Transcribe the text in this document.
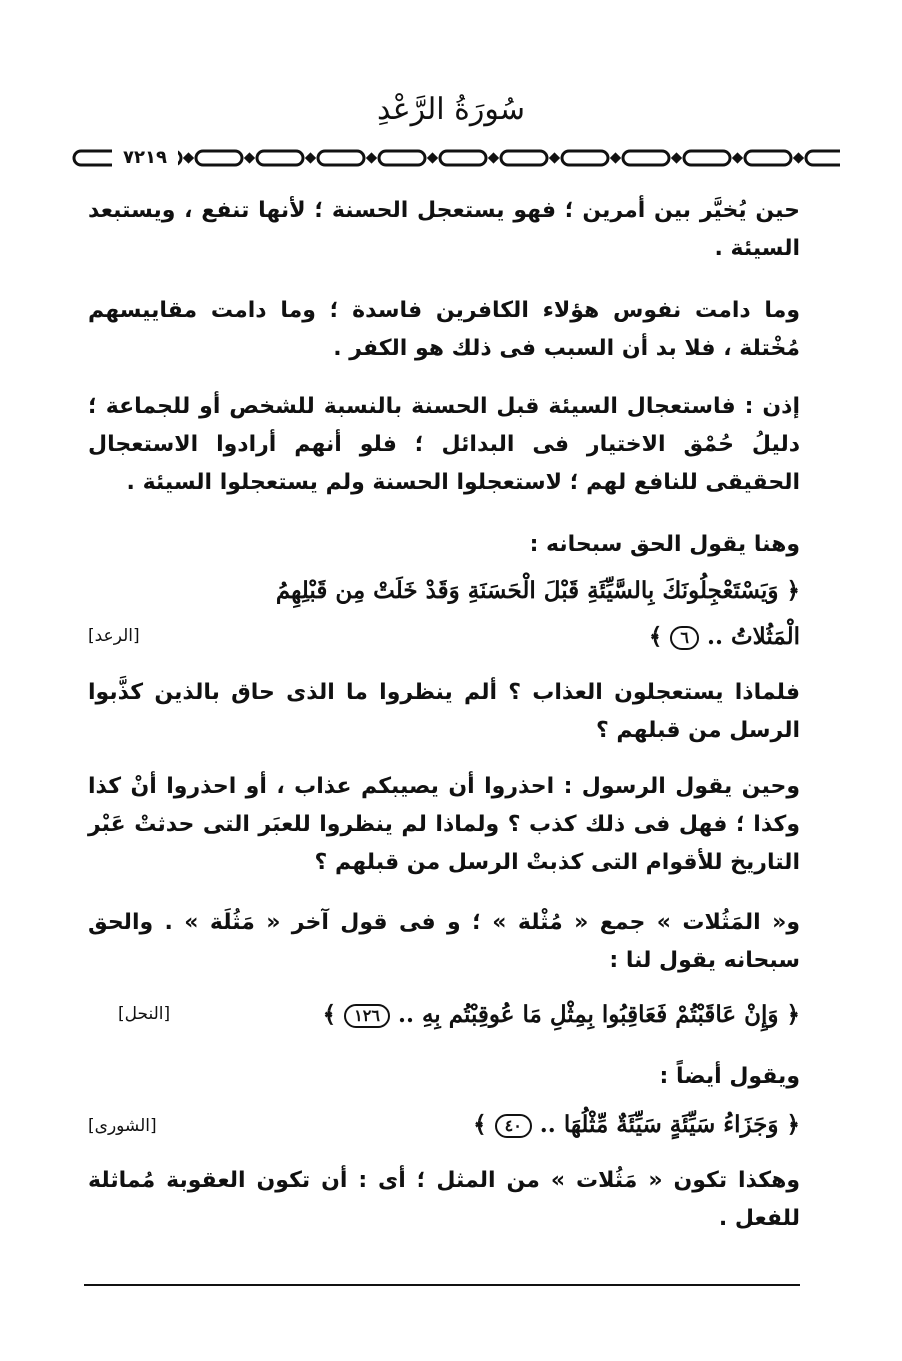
سُورَةُ الرَّعْدِ
٧٢١٩

حين يُخيَّر بين أمرين ؛ فهو يستعجل الحسنة ؛ لأنها تنفع ، ويستبعد السيئة .

وما دامت نفوس هؤلاء الكافرين فاسدة ؛ وما دامت مقاييسهم مُخْتلة ، فلا بد أن السبب فى ذلك هو الكفر .

إذن : فاستعجال السيئة قبل الحسنة بالنسبة للشخص أو للجماعة ؛ دليلُ حُمْق الاختيار فى البدائل ؛ فلو أنهم أرادوا الاستعجال الحقيقى للنافع لهم ؛ لاستعجلوا الحسنة ولم يستعجلوا السيئة .

وهنا يقول الحق سبحانه :

﴿ وَيَسْتَعْجِلُونَكَ بِالسَّيِّئَةِ قَبْلَ الْحَسَنَةِ وَقَدْ خَلَتْ مِن قَبْلِهِمُ

الْمَثُلاتُ .. ٦ ﴾

[الرعد]

فلماذا يستعجلون العذاب ؟ ألم ينظروا ما الذى حاق بالذين كذَّبوا الرسل من قبلهم ؟

وحين يقول الرسول : احذروا أن يصيبكم عذاب ، أو احذروا أنْ كذا وكذا ؛ فهل فى ذلك كذب ؟ ولماذا لم ينظروا للعبَر التى حدثتْ عَبْر التاريخ للأقوام التى كذبتْ الرسل من قبلهم ؟

و« المَثُلات » جمع « مُثْلة » ؛ و فى قول آخر « مَثُلَة » . والحق سبحانه يقول لنا :

﴿ وَإِنْ عَاقَبْتُمْ فَعَاقِبُوا بِمِثْلِ مَا عُوقِبْتُم بِهِ .. ١٢٦ ﴾

[النحل]

ويقول أيضاً :

﴿ وَجَزَاءُ سَيِّئَةٍ سَيِّئَةٌ مِّثْلُهَا .. ٤٠ ﴾

[الشورى]

وهكذا تكون « مَثُلات » من المثل ؛ أى : أن تكون العقوبة مُماثلة للفعل .
